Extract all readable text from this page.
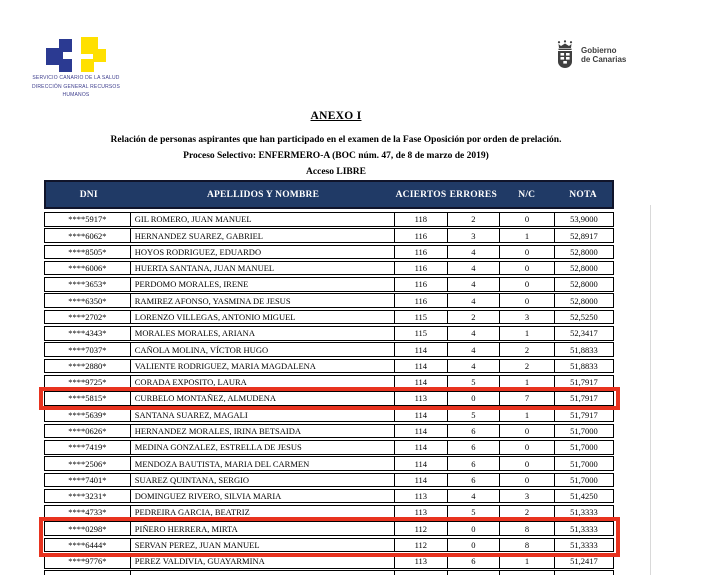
SERVICIO CANARIO DE LA SALUD
DIRECCIÓN GENERAL RECURSOS
HUMANOS
Gobierno
de Canarias
ANEXO I
Relación de personas aspirantes que han participado en el examen de la Fase Oposición por orden de prelación.
Proceso Selectivo: ENFERMERO-A (BOC núm. 47, de 8 de marzo de 2019)
Acceso LIBRE
DNI	APELLIDOS Y NOMBRE	ACIERTOS ERRORES	N/C	NOTA
****5917*	GIL ROMERO, JUAN MANUEL	118	2	0	53,9000
****6062*	HERNANDEZ SUAREZ, GABRIEL	116	3	1	52,8917
****8505*	HOYOS RODRIGUEZ, EDUARDO	116	4	0	52,8000
****6006*	HUERTA SANTANA, JUAN MANUEL	116	4	0	52,8000
****3653*	PERDOMO MORALES, IRENE	116	4	0	52,8000
****6350*	RAMIREZ AFONSO, YASMINA DE JESUS	116	4	0	52,8000
****2702*	LORENZO VILLEGAS, ANTONIO MIGUEL	115	2	3	52,5250
****4343*	MORALES MORALES, ARIANA	115	4	1	52,3417
****7037*	CAÑOLA MOLINA, VÍCTOR HUGO	114	4	2	51,8833
****2880*	VALIENTE RODRIGUEZ, MARIA MAGDALENA	114	4	2	51,8833
****9725*	CORADA EXPOSITO, LAURA	114	5	1	51,7917
****5815*	CURBELO MONTAÑEZ, ALMUDENA	113	0	7	51,7917
****5639*	SANTANA SUAREZ, MAGALI	114	5	1	51,7917
****0626*	HERNANDEZ MORALES, IRINA BETSAIDA	114	6	0	51,7000
****7419*	MEDINA GONZALEZ, ESTRELLA DE JESUS	114	6	0	51,7000
****2506*	MENDOZA BAUTISTA, MARIA DEL CARMEN	114	6	0	51,7000
****7401*	SUAREZ QUINTANA, SERGIO	114	6	0	51,7000
****3231*	DOMINGUEZ RIVERO, SILVIA MARIA	113	4	3	51,4250
****4733*	PEDREIRA GARCIA, BEATRIZ	113	5	2	51,3333
****0298*	PIÑERO HERRERA, MIRTA	112	0	8	51,3333
****6444*	SERVAN PEREZ, JUAN MANUEL	112	0	8	51,3333
****9776*	PEREZ VALDIVIA, GUAYARMINA	113	6	1	51,2417
